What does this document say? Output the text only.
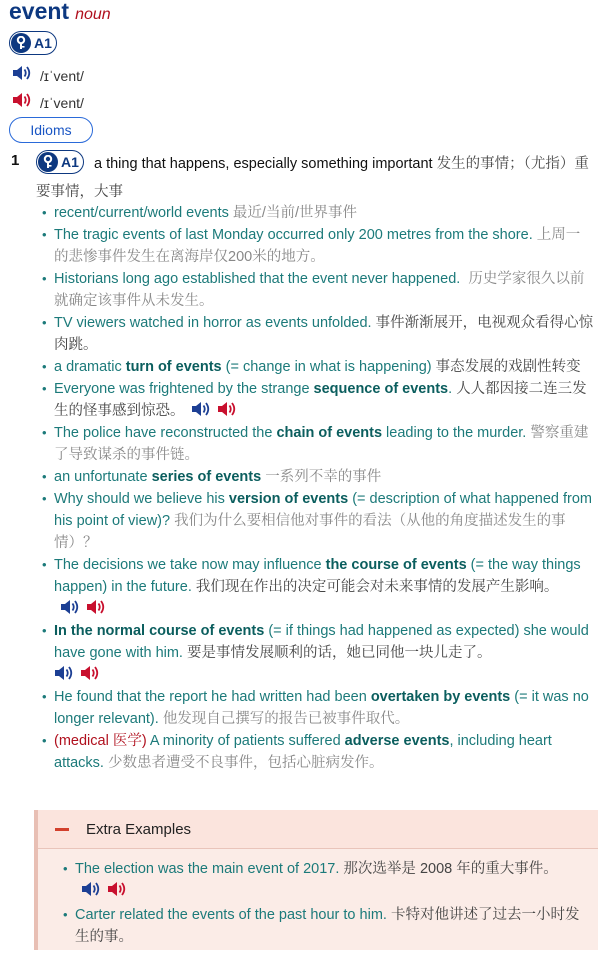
event noun
A1
/ɪˈvent/
/ɪˈvent/
Idioms
1	a thing that happens, especially something important 发生的事情；（尤指）重要事情，大事
A1
• recent/current/world events 最近/当前/世界事件
• The tragic events of last Monday occurred only 200 metres from the shore. 上周一的悲惨事件发生在离海岸仅200米的地方。
• Historians long ago established that the event never happened. 历史学家很久以前就确定该事件从未发生。
• TV viewers watched in horror as events unfolded. 事件渐渐展开，电视观众看得心惊肉跳。
• a dramatic turn of events (= change in what is happening) 事态发展的戏剧性转变
• Everyone was frightened by the strange sequence of events. 人人都因接二连三发生的怪事感到惊恐。
• The police have reconstructed the chain of events leading to the murder. 警察重建了导致谋杀的事件链。
• an unfortunate series of events 一系列不幸的事件
• Why should we believe his version of events (= description of what happened from his point of view)? 我们为什么要相信他对事件的看法（从他的角度描述发生的事情）？
• The decisions we take now may influence the course of events (= the way things happen) in the future. 我们现在作出的决定可能会对未来事情的发展产生影响。
• In the normal course of events (= if things had happened as expected) she would have gone with him. 要是事情发展顺利的话，她已同他一块儿走了。

• He found that the report he had written had been overtaken by events (= it was no longer relevant). 他发现自己撰写的报告已被事件取代。
• (medical 医学) A minority of patients suffered adverse events, including heart attacks. 少数患者遭受不良事件，包括心脏病发作。
Extra Examples
• The election was the main event of 2017. 那次选举是 2008 年的重大事件。
• Carter related the events of the past hour to him. 卡特对他讲述了过去一小时发生的事。
